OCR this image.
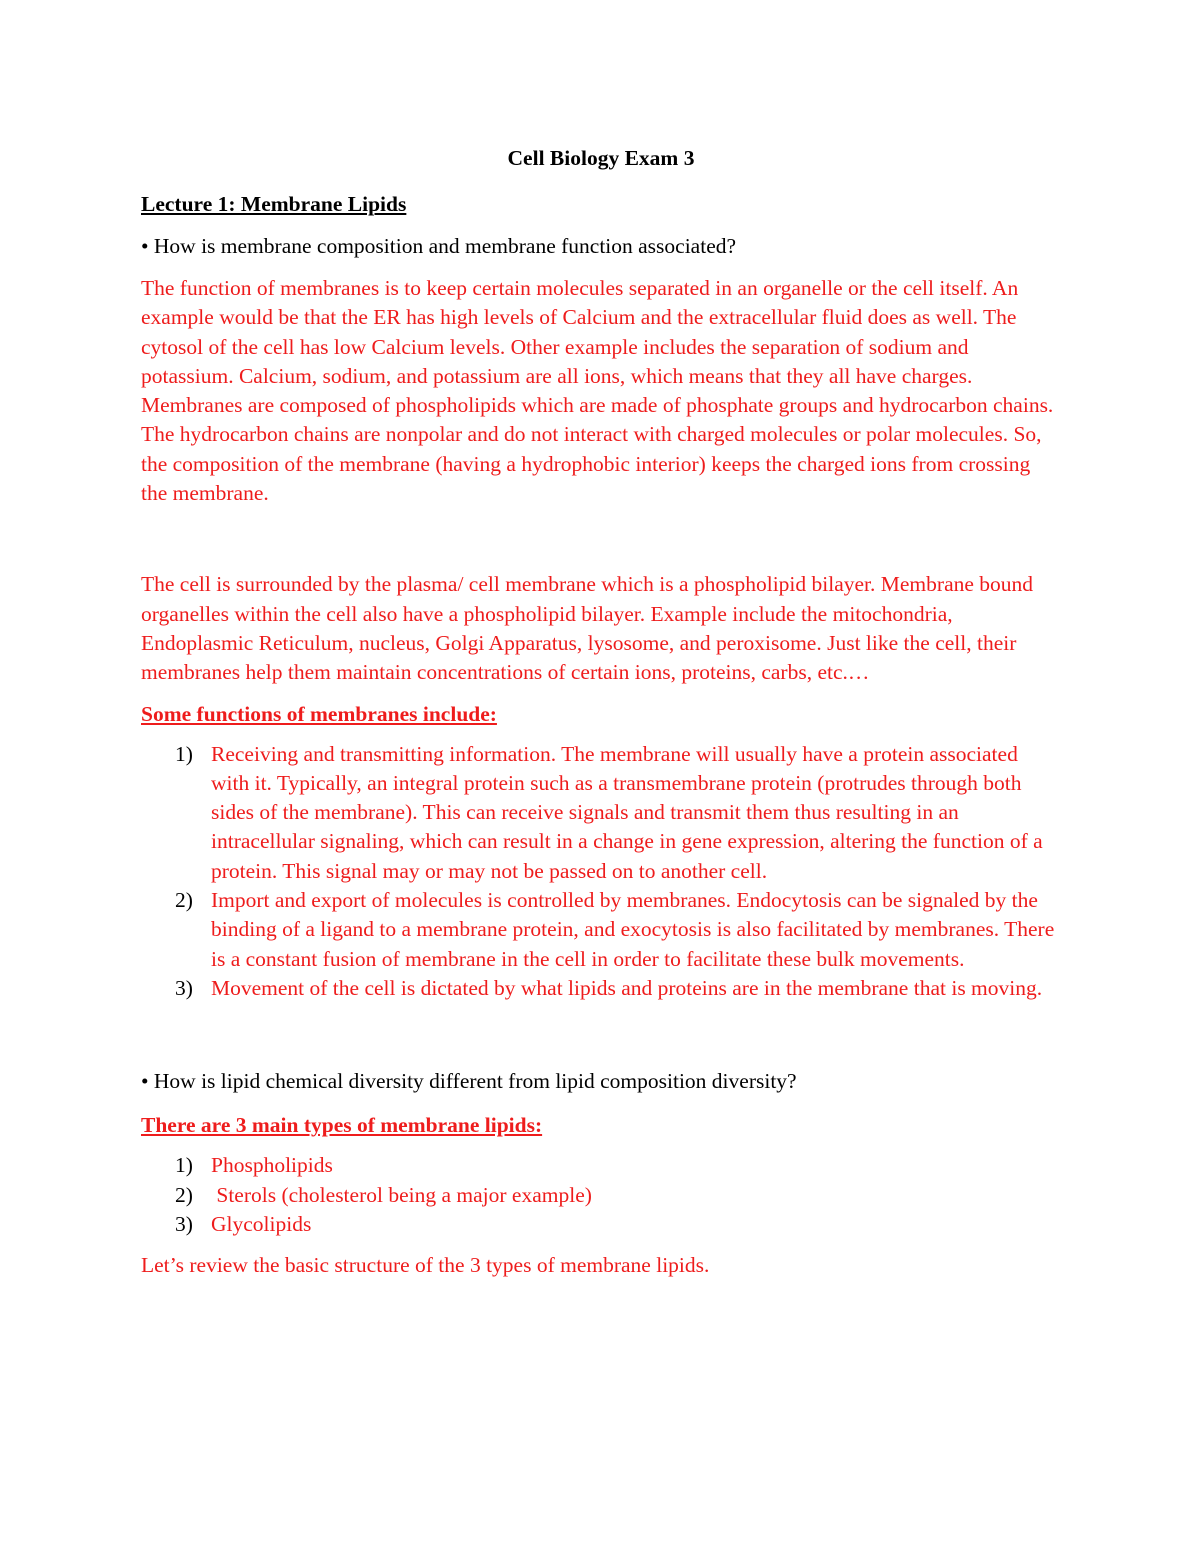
Cell Biology Exam 3
Lecture 1: Membrane Lipids
• How is membrane composition and membrane function associated?

The function of membranes is to keep certain molecules separated in an organelle or the cell itself. An example would be that the ER has high levels of Calcium and the extracellular fluid does as well. The cytosol of the cell has low Calcium levels. Other example includes the separation of sodium and potassium. Calcium, sodium, and potassium are all ions, which means that they all have charges. Membranes are composed of phospholipids which are made of phosphate groups and hydrocarbon chains. The hydrocarbon chains are nonpolar and do not interact with charged molecules or polar molecules. So, the composition of the membrane (having a hydrophobic interior) keeps the charged ions from crossing the membrane.

The cell is surrounded by the plasma/ cell membrane which is a phospholipid bilayer. Membrane bound organelles within the cell also have a phospholipid bilayer. Example include the mitochondria, Endoplasmic Reticulum, nucleus, Golgi Apparatus, lysosome, and peroxisome. Just like the cell, their membranes help them maintain concentrations of certain ions, proteins, carbs, etc.…

Some functions of membranes include:
1) Receiving and transmitting information. The membrane will usually have a protein associated with it. Typically, an integral protein such as a transmembrane protein (protrudes through both sides of the membrane). This can receive signals and transmit them thus resulting in an intracellular signaling, which can result in a change in gene expression, altering the function of a protein. This signal may or may not be passed on to another cell.
2) Import and export of molecules is controlled by membranes. Endocytosis can be signaled by the binding of a ligand to a membrane protein, and exocytosis is also facilitated by membranes. There is a constant fusion of membrane in the cell in order to facilitate these bulk movements.
3) Movement of the cell is dictated by what lipids and proteins are in the membrane that is moving.
• How is lipid chemical diversity different from lipid composition diversity?
There are 3 main types of membrane lipids:
1) Phospholipids
2) Sterols (cholesterol being a major example)
3) Glycolipids

Let’s review the basic structure of the 3 types of membrane lipids.
